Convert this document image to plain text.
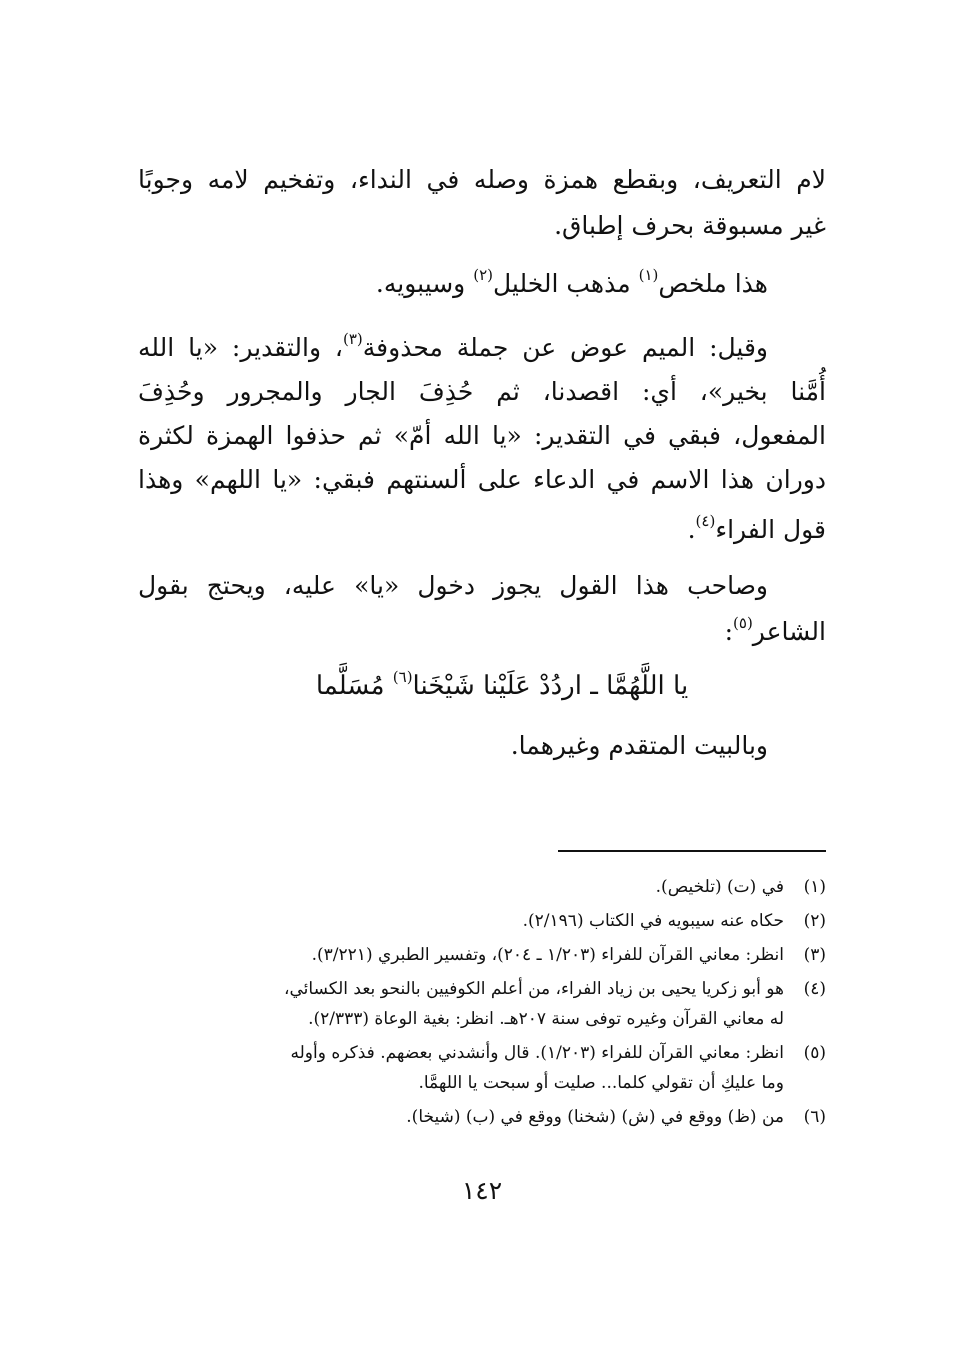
لام التعريف، وبقطع همزة وصله في النداء، وتفخيم لامه وجوبًا
غير مسبوقة بحرف إطباق.
هذا ملخص$^{(١)}$ مذهب الخليل$^{(٢)}$ وسيبويه.
وقيل: الميم عوض عن جملة محذوفة$^{(٣)}$، والتقدير: «يا الله
أُمَّنا بخير»، أي: اقصدنا، ثم حُذِفَ الجار والمجرور وحُذِفَ
المفعول، فبقي في التقدير: «يا الله أمّ» ثم حذفوا الهمزة لكثرة
دوران هذا الاسم في الدعاء على ألسنتهم فبقي: «يا اللهم» وهذا
قول الفراء$^{(٤)}$.
وصاحب هذا القول يجوز دخول «يا» عليه، ويحتج بقول
الشاعر$^{(٥)}$:
يا اللَّهُمَّا ـ اردُدْ عَلَيْنا شَيْخَنا$^{(٦)}$ مُسَلَّما
وبالبيت المتقدم وغيرهما.
(١)
في (ت) (تلخيص).
(٢)
حكاه عنه سيبويه في الكتاب (٢/١٩٦).
(٣)
انظر: معاني القرآن للفراء (١/٢٠٣ ـ ٢٠٤)، وتفسير الطبري (٣/٢٢١).
(٤)
هو أبو زكريا يحيى بن زياد الفراء، من أعلم الكوفيين بالنحو بعد الكسائي،
له معاني القرآن وغيره توفى سنة ٢٠٧هـ. انظر: بغية الوعاة (٢/٣٣٣).
(٥)
انظر: معاني القرآن للفراء (١/٢٠٣). قال وأنشدني بعضهم. فذكره وأوله
وما عليكِ أن تقولي كلما... صليت أو سبحت يا اللهمَّا.
(٦)
من (ظ) ووقع في (ش) (شخنا) ووقع في (ب) (شيخا).
١٤٢
